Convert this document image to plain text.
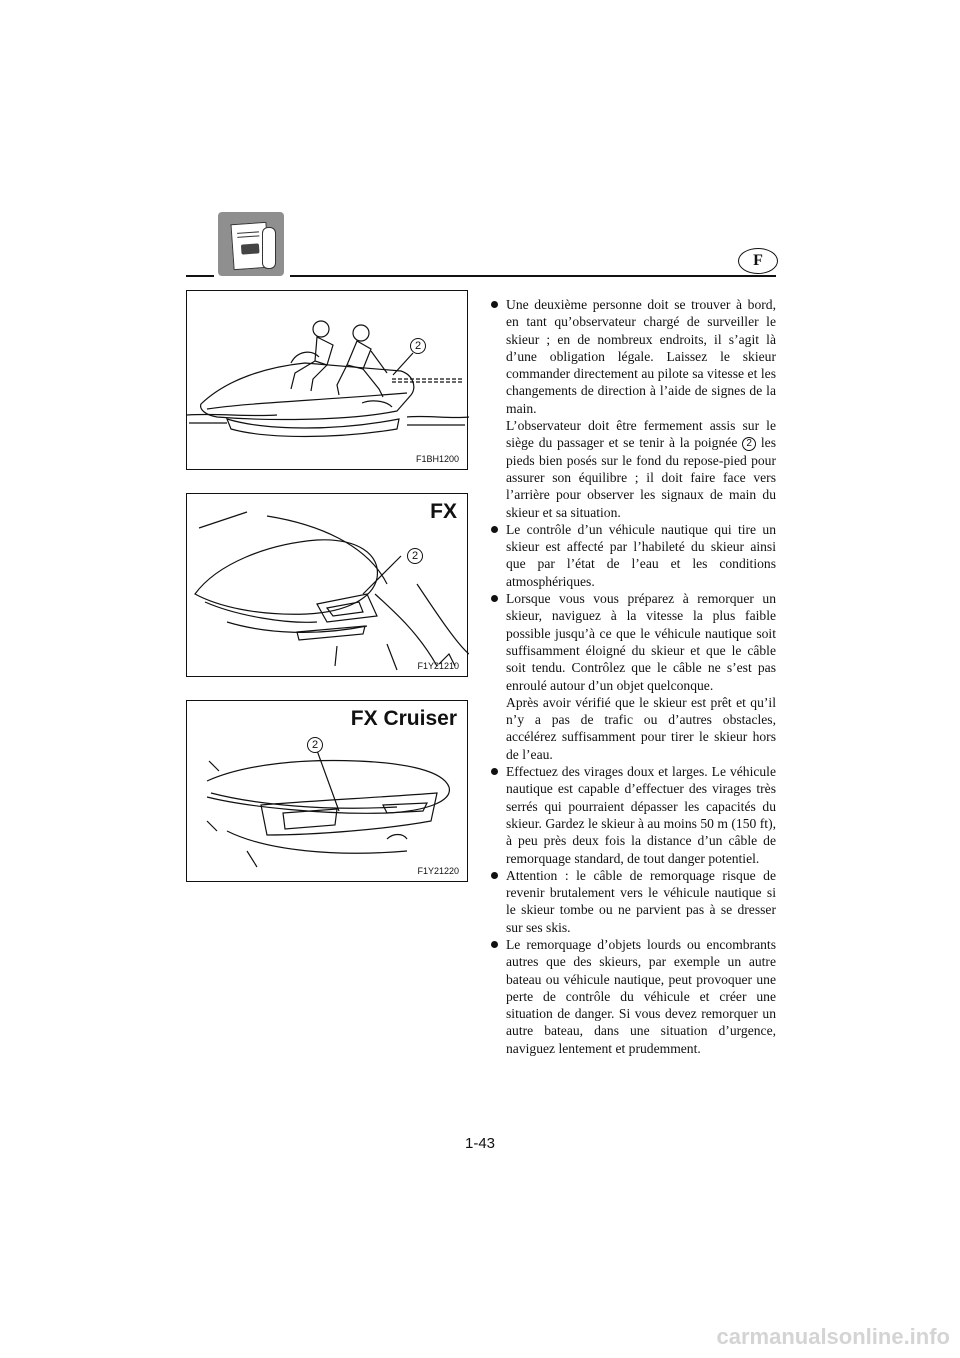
F
2
F1BH1200
FX
2
F1Y21210
FX Cruiser
2
F1Y21220

Une deuxième personne doit se trouver à bord, en tant qu’observateur chargé de surveiller le skieur ; en de nombreux endroits, il s’agit là d’une obligation légale. Laissez le skieur commander directement au pilote sa vitesse et les changements de direction à l’aide de signes de la main.

L’observateur doit être fermement assis sur le siège du passager et se tenir à la poignée 2 les pieds bien posés sur le fond du repose-pied pour assurer son équilibre ; il doit faire face vers l’arrière pour observer les signaux de main du skieur et sa situation.

Le contrôle d’un véhicule nautique qui tire un skieur est affecté par l’habileté du skieur ainsi que par l’état de l’eau et les conditions atmosphériques.

Lorsque vous vous préparez à remorquer un skieur, naviguez à la vitesse la plus faible possible jusqu’à ce que le véhicule nautique soit suffisamment éloigné du skieur et que le câble soit tendu. Contrôlez que le câble ne s’est pas enroulé autour d’un objet quelconque.

Après avoir vérifié que le skieur est prêt et qu’il n’y a pas de trafic ou d’autres obstacles, accélérez suffisamment pour tirer le skieur hors de l’eau.

Effectuez des virages doux et larges. Le véhicule nautique est capable d’effectuer des virages très serrés qui pourraient dépasser les capacités du skieur. Gardez le skieur à au moins 50 m (150 ft), à peu près deux fois la distance d’un câble de remorquage standard, de tout danger potentiel.

Attention : le câble de remorquage risque de revenir brutalement vers le véhicule nautique si le skieur tombe ou ne parvient pas à se dresser sur ses skis.

Le remorquage d’objets lourds ou encombrants autres que des skieurs, par exemple un autre bateau ou véhicule nautique, peut provoquer une perte de contrôle du véhicule et créer une situation de danger. Si vous devez remorquer un autre bateau, dans une situation d’urgence, naviguez lentement et prudemment.

1-43
carmanualsonline.info
